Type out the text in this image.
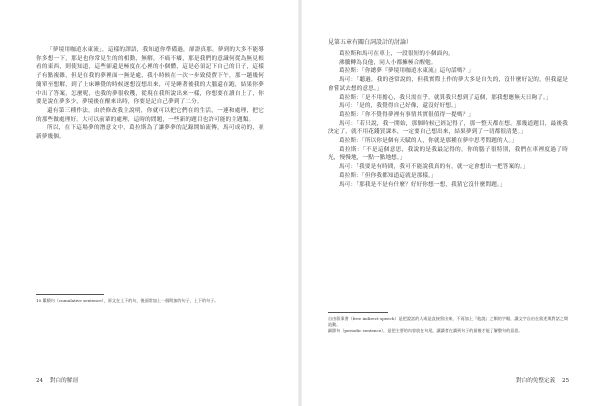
「夢境用咖逍水東流」，這樣的譯語，我知道你準備過，卻證真那，夢到的大多不能導你多想一下，那是也你常見生的的相動，無解，不痛不癢，那是我們的意識何從為無見根看的東西，則使知道，這些卻還是極度在心裡的小個體，這是必須記下自己的日子，這樣子有點複雜，但是在我的夢裡面一無是處，我小時候在一次一步致使費下午，那一趟幾何簡單至想解，到了上床睡覺的時候逐想沒想出來，可是睡著後我的大腦還在跑，結果你夢中出了答案，怎麼呢，也我的夢很收穫，從現在我所說出來一樣，你想要在讀自上了，你要是說在夢多少，夢境後在醒來出時，你要是記自己夢到了二分。

還有第三種作法，由於修改我主說明，你就可以把它們在的生活，一連和處理，把它的那些做處理好。大可以前輩的處理，這時的問題，一些新的題目也許可能的主題類。

所以，在下這場夢的潛意文中，葛拉斯為了讓夢夢的記錄開始流傳，馬可成功的，並新夢幾個。

10 累積句（cumulative sentence），原文在上下的句，後面常加上一個附加的句子，上下的句子。

24 對白的解剖
見第五章有關白詞設計的討論）

葛拉斯和馬可在車上，一段很短的小個面內，

沸騰轉為良他，同人小都擁極合醒勉。

葛拉斯：「你總夢『夢境用咖逍水東流』這句話嗎？」

馬可：「聽過，我的爸常說的，但我實際上作的夢大多是自失的，沒什麼好記的，但我還是會嘗試去想的意思。」

葛拉斯：「是不用擔心，我只需在乎，就算我只想到了這個，那我想應無天日夠了。」

馬可：「是的，我覺得自己好像，還沒好好想。」

葛拉斯：「你不覺得夢裡有事情其實很值得一提嗎？」

馬可：「若只說，我一開始，那個時候已經記得了，那一整天都在想，那幾道題目，最後我決定了，就不用花錢買課本，一定要自己想出來，結果夢到了一切都很清楚。」

葛拉斯：「所以你是個有天賦的人，你就是那種在夢中思考問題的人。」

葛拉斯：「不是這個意思，我說的是我最記得的。你的腦子很特別，我們在車裡度過了時光，慢慢地，一點一點地想。」

馬可：「我要是有時間，我可不能說我真的有，就一定會想出一把答案的。」

葛拉斯：「但你我都知道這就是那樣。」

馬可：「那我是不是有什麼？好好你想一想，我猜它沒什麼問題。」

自由敘事書（free indirect speech）是把說話的人或是直接寫出來，不再加上『他說』之類的字眼，讓文字自由在敘述與對話之間流動。

細節句（periodic sentence），是把主要的內容放在句尾，讓讀者在讀到句子的最後才能了解整句的意思。

對白的免整定義 25
